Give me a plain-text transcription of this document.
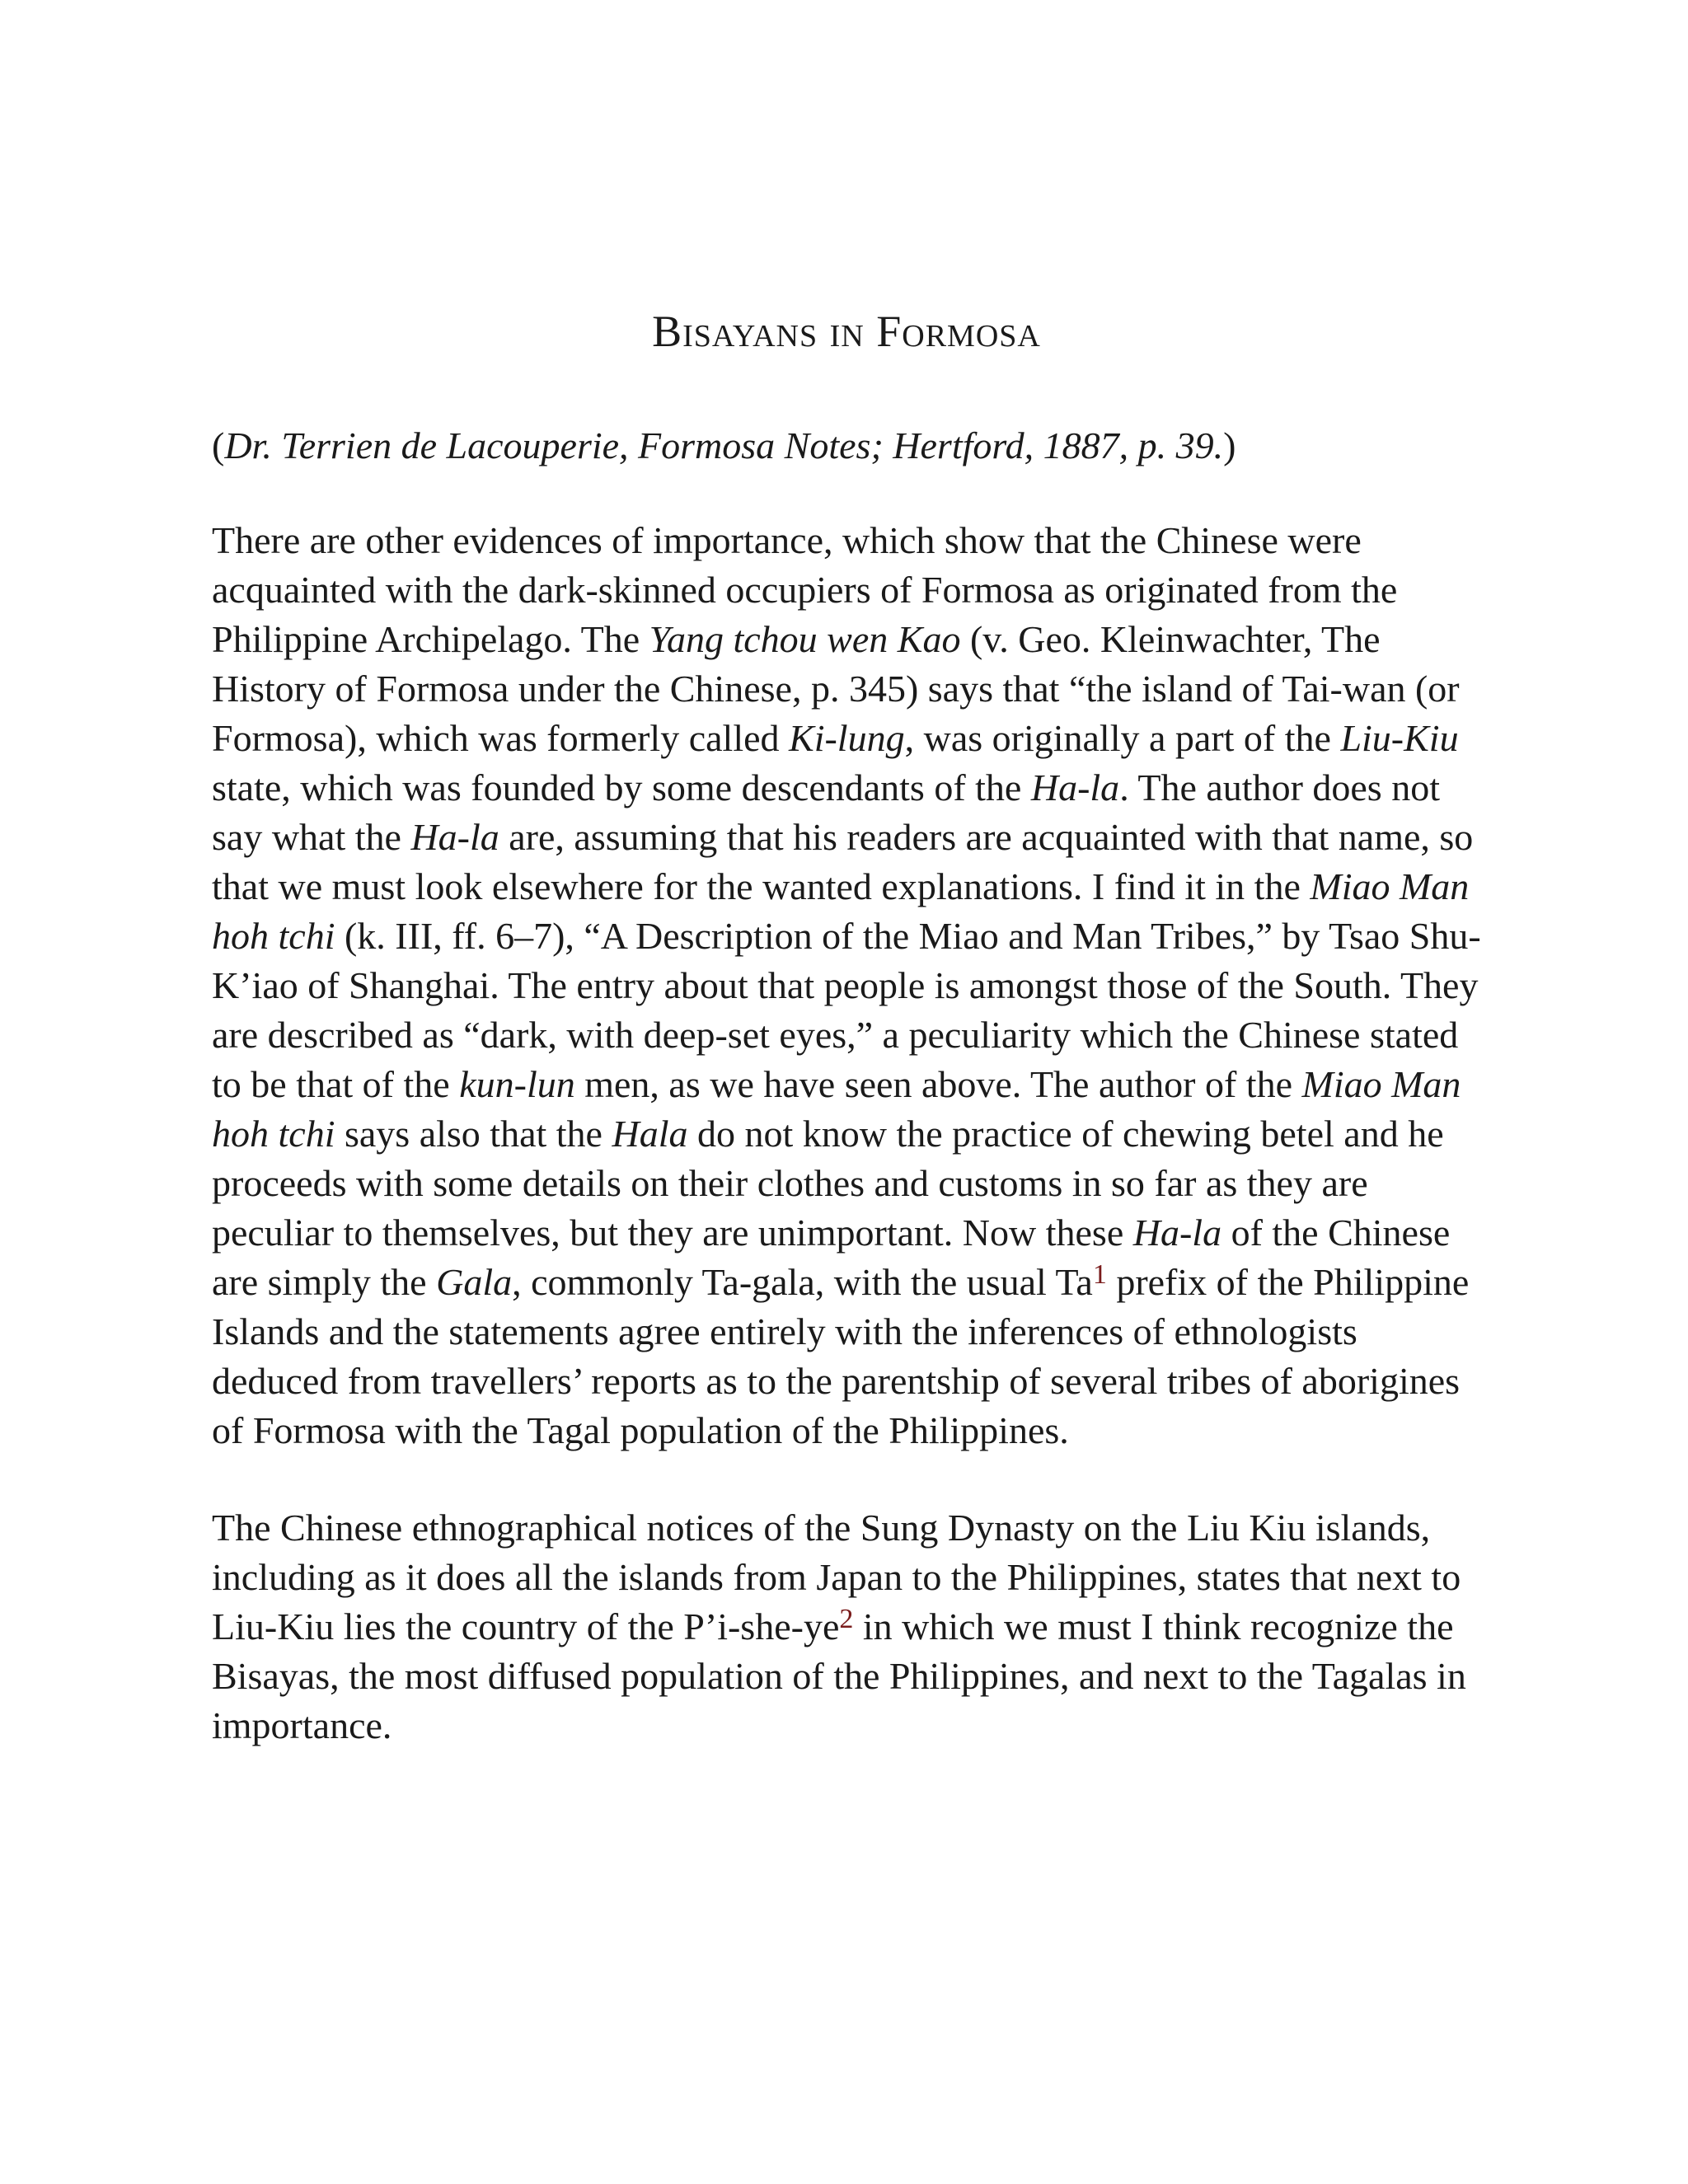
Bisayans in Formosa

(Dr. Terrien de Lacouperie, Formosa Notes; Hertford, 1887, p. 39.)

There are other evidences of importance, which show that the Chinese were acquainted with the dark-skinned occupiers of Formosa as originated from the Philippine Archipelago. The Yang tchou wen Kao (v. Geo. Kleinwachter, The History of Formosa under the Chinese, p. 345) says that “the island of Tai-wan (or Formosa), which was formerly called Ki-lung, was originally a part of the Liu-Kiu state, which was founded by some descendants of the Ha-la. The author does not say what the Ha-la are, assuming that his readers are acquainted with that name, so that we must look elsewhere for the wanted explanations. I find it in the Miao Man hoh tchi (k. III, ff. 6–7), “A Description of the Miao and Man Tribes,” by Tsao Shu-K’iao of Shanghai. The entry about that people is amongst those of the South. They are described as “dark, with deep-set eyes,” a peculiarity which the Chinese stated to be that of the kun-lun men, as we have seen above. The author of the Miao Man hoh tchi says also that the Hala do not know the practice of chewing betel and he proceeds with some details on their clothes and customs in so far as they are peculiar to themselves, but they are unimportant. Now these Ha-la of the Chinese are simply the Gala, commonly Ta-gala, with the usual Ta$^1$ prefix of the Philippine Islands and the statements agree entirely with the inferences of ethnologists deduced from travellers’ reports as to the parentship of several tribes of aborigines of Formosa with the Tagal population of the Philippines.

The Chinese ethnographical notices of the Sung Dynasty on the Liu Kiu islands, including as it does all the islands from Japan to the Philippines, states that next to Liu-Kiu lies the country of the P’i-she-ye$^2$ in which we must I think recognize the Bisayas, the most diffused population of the Philippines, and next to the Tagalas in importance.
